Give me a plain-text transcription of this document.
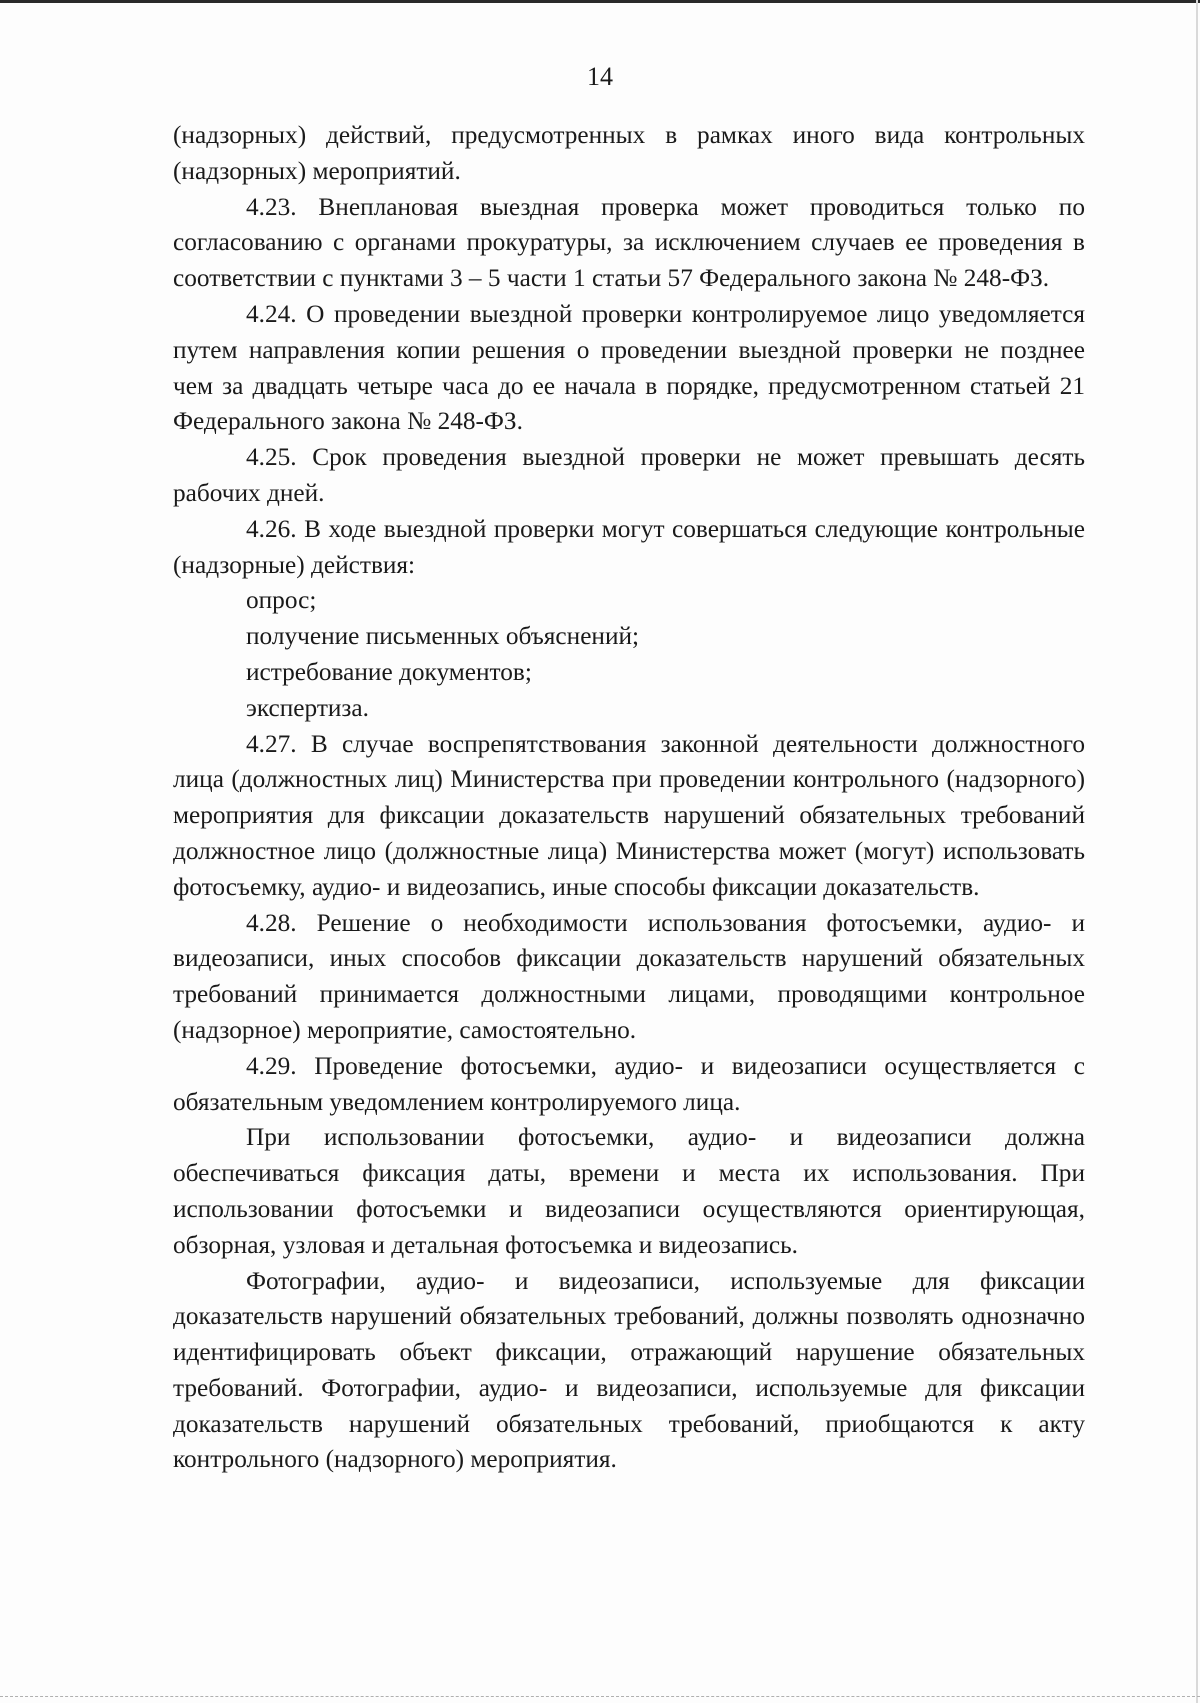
14

(надзорных) действий, предусмотренных в рамках иного вида контрольных (надзорных) мероприятий.

4.23. Внеплановая выездная проверка может проводиться только по согласованию с органами прокуратуры, за исключением случаев ее проведения в соответствии с пунктами 3 – 5 части 1 статьи 57 Федерального закона № 248-ФЗ.

4.24. О проведении выездной проверки контролируемое лицо уведомляется путем направления копии решения о проведении выездной проверки не позднее чем за двадцать четыре часа до ее начала в порядке, предусмотренном статьей 21 Федерального закона № 248-ФЗ.

4.25. Срок проведения выездной проверки не может превышать десять рабочих дней.

4.26. В ходе выездной проверки могут совершаться следующие контрольные (надзорные) действия:

опрос;

получение письменных объяснений;

истребование документов;

экспертиза.

4.27. В случае воспрепятствования законной деятельности должностного лица (должностных лиц) Министерства при проведении контрольного (надзорного) мероприятия для фиксации доказательств нарушений обязательных требований должностное лицо (должностные лица) Министерства может (могут) использовать фотосъемку, аудио- и видеозапись, иные способы фиксации доказательств.

4.28. Решение о необходимости использования фотосъемки, аудио- и видеозаписи, иных способов фиксации доказательств нарушений обязательных требований принимается должностными лицами, проводящими контрольное (надзорное) мероприятие, самостоятельно.

4.29. Проведение фотосъемки, аудио- и видеозаписи осуществляется с обязательным уведомлением контролируемого лица.

При использовании фотосъемки, аудио- и видеозаписи должна обеспечиваться фиксация даты, времени и места их использования. При использовании фотосъемки и видеозаписи осуществляются ориентирующая, обзорная, узловая и детальная фотосъемка и видеозапись.

Фотографии, аудио- и видеозаписи, используемые для фиксации доказательств нарушений обязательных требований, должны позволять однозначно идентифицировать объект фиксации, отражающий нарушение обязательных требований. Фотографии, аудио- и видеозаписи, используемые для фиксации доказательств нарушений обязательных требований, приобщаются к акту контрольного (надзорного) мероприятия.
